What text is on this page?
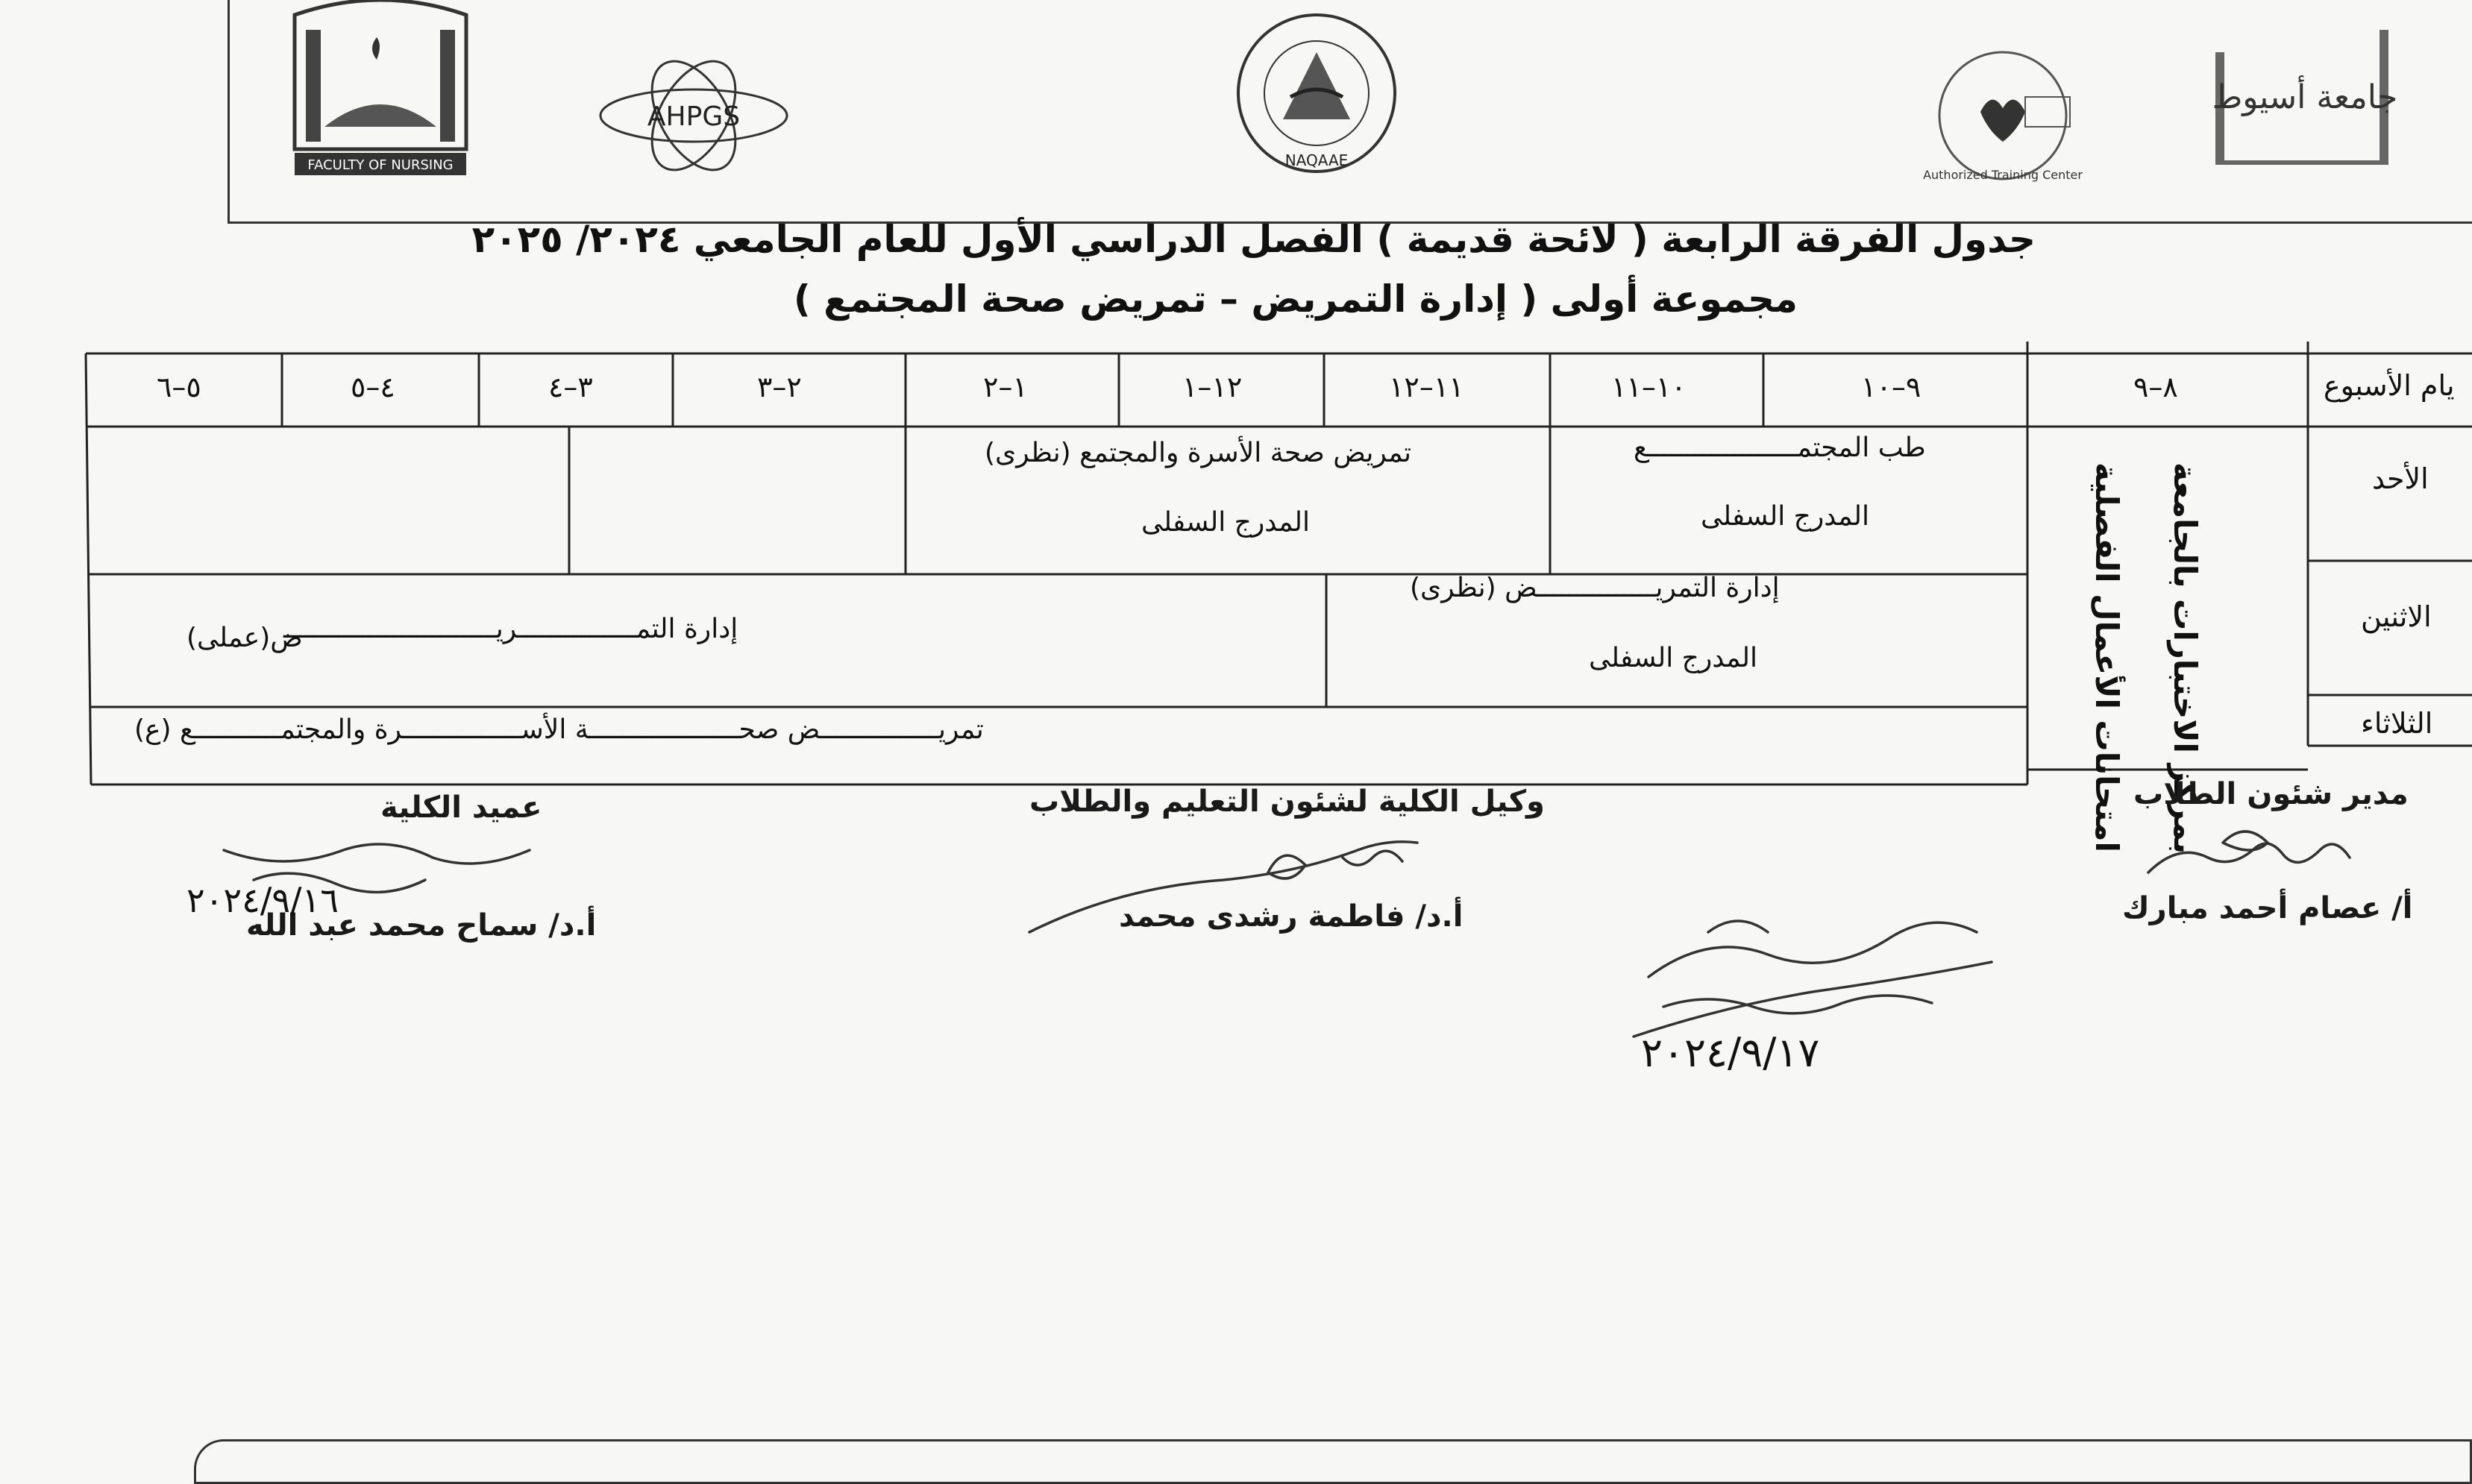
FACULTY OF NURSING
AHPGS
NAQAAE
Authorized Training Center
جامعة أسيوط
جدول الفرقة الرابعة ( لائحة قديمة ) الفصل الدراسي الأول للعام الجامعي ٢٠٢٤/ ٢٠٢٥
مجموعة أولى ( إدارة التمريض – تمريض صحة المجتمع )
يام الأسبوع
٨–٩
٩–١٠
١٠–١١
١١–١٢
١٢–١
١–٢
٢–٣
٣–٤
٤–٥
٥–٦
الأحد
الاثنين
الثلاثاء
امتحانات الأعمال الفصلية بمركز الاختبارات بالجامعة
طب المجتمـــــــــــــــــــع
المدرج السفلى
تمريض صحة الأسرة والمجتمع (نظرى)
المدرج السفلى
إدارة التمريـــــــــــــــض (نظرى)
المدرج السفلى
إدارة التمـــــــــــــــريـــــــــــــــــــــــــــ
ض(عملى)
تمريـــــــــــــــض صحـــــــــــــــــــة الأســـــــــــــــرة والمجتمـــــــــــع (ع)
مدير شئون الطلاب
أ/ عصام أحمد مبارك
وكيل الكلية لشئون التعليم والطلاب
أ.د/ فاطمة رشدى محمد
عميد الكلية
أ.د/ سماح محمد عبد الله
٢٠٢٤/٩/١٦
٢٠٢٤/٩/١٧
